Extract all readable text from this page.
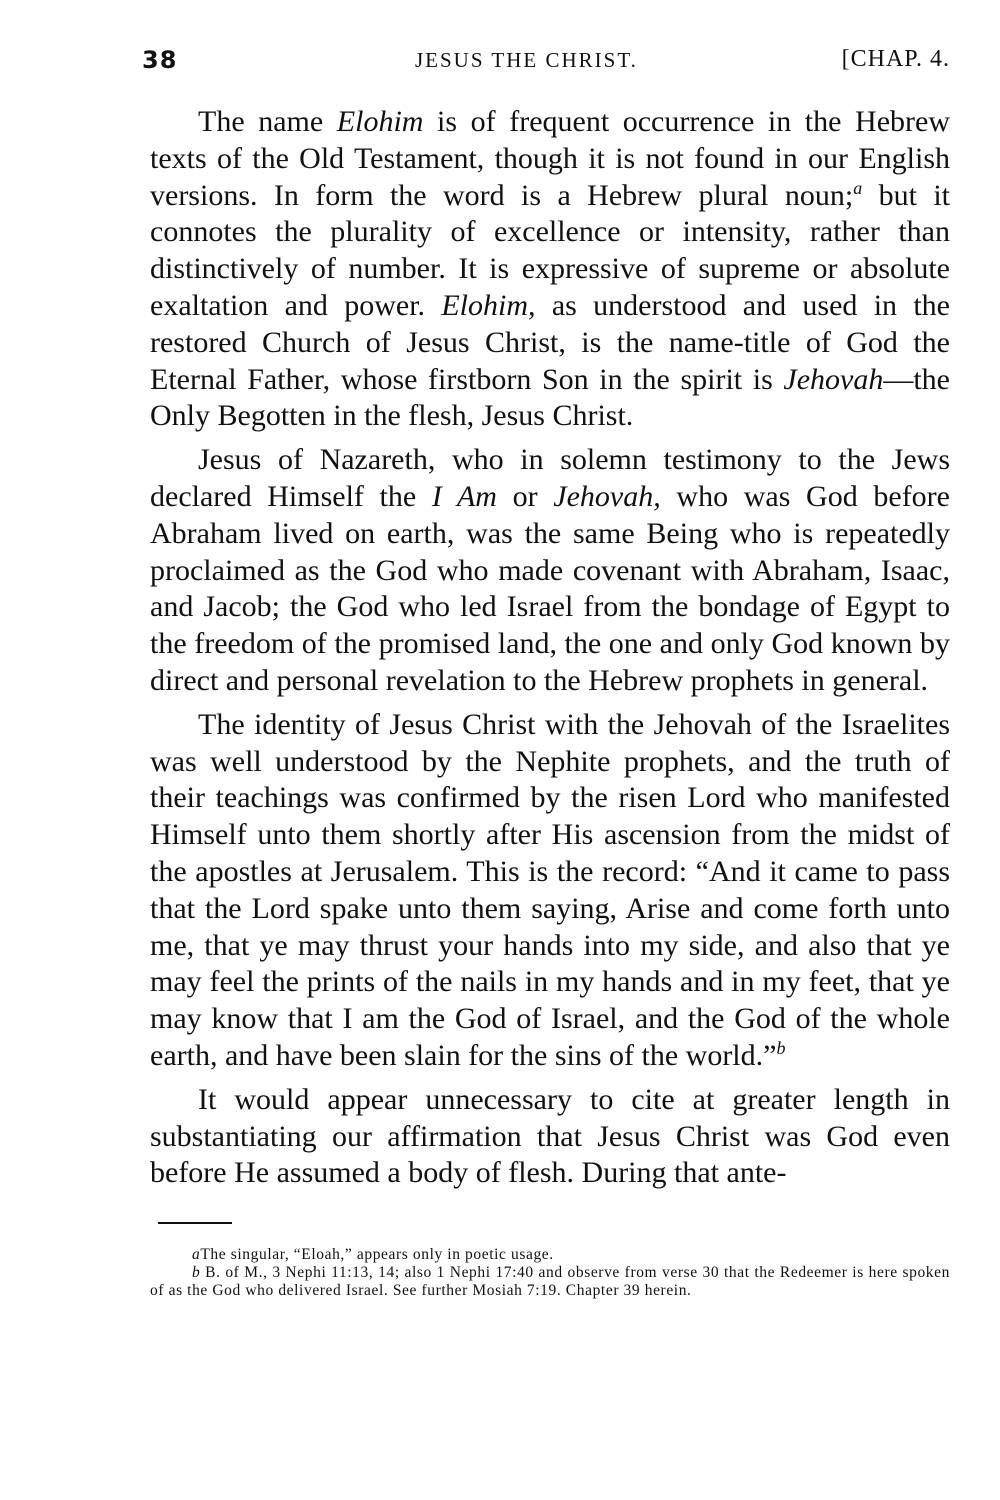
38	JESUS THE CHRIST.	[CHAP. 4.

The name Elohim is of frequent occurrence in the Hebrew texts of the Old Testament, though it is not found in our English versions. In form the word is a Hebrew plural noun;$^a$ but it connotes the plurality of excellence or intensity, rather than distinctively of number. It is expressive of supreme or absolute exaltation and power. Elohim, as understood and used in the restored Church of Jesus Christ, is the name-title of God the Eternal Father, whose firstborn Son in the spirit is Jehovah—the Only Begotten in the flesh, Jesus Christ.

Jesus of Nazareth, who in solemn testimony to the Jews declared Himself the I Am or Jehovah, who was God before Abraham lived on earth, was the same Being who is repeatedly proclaimed as the God who made covenant with Abraham, Isaac, and Jacob; the God who led Israel from the bondage of Egypt to the freedom of the promised land, the one and only God known by direct and personal revelation to the Hebrew prophets in general.

The identity of Jesus Christ with the Jehovah of the Israelites was well understood by the Nephite prophets, and the truth of their teachings was confirmed by the risen Lord who manifested Himself unto them shortly after His ascension from the midst of the apostles at Jerusalem. This is the record: “And it came to pass that the Lord spake unto them saying, Arise and come forth unto me, that ye may thrust your hands into my side, and also that ye may feel the prints of the nails in my hands and in my feet, that ye may know that I am the God of Israel, and the God of the whole earth, and have been slain for the sins of the world.”$^b$

It would appear unnecessary to cite at greater length in substantiating our affirmation that Jesus Christ was God even before He assumed a body of flesh. During that ante-

aThe singular, “Eloah,” appears only in poetic usage.

b B. of M., 3 Nephi 11:13, 14; also 1 Nephi 17:40 and observe from verse 30 that the Redeemer is here spoken of as the God who delivered Israel. See further Mosiah 7:19. Chapter 39 herein.
